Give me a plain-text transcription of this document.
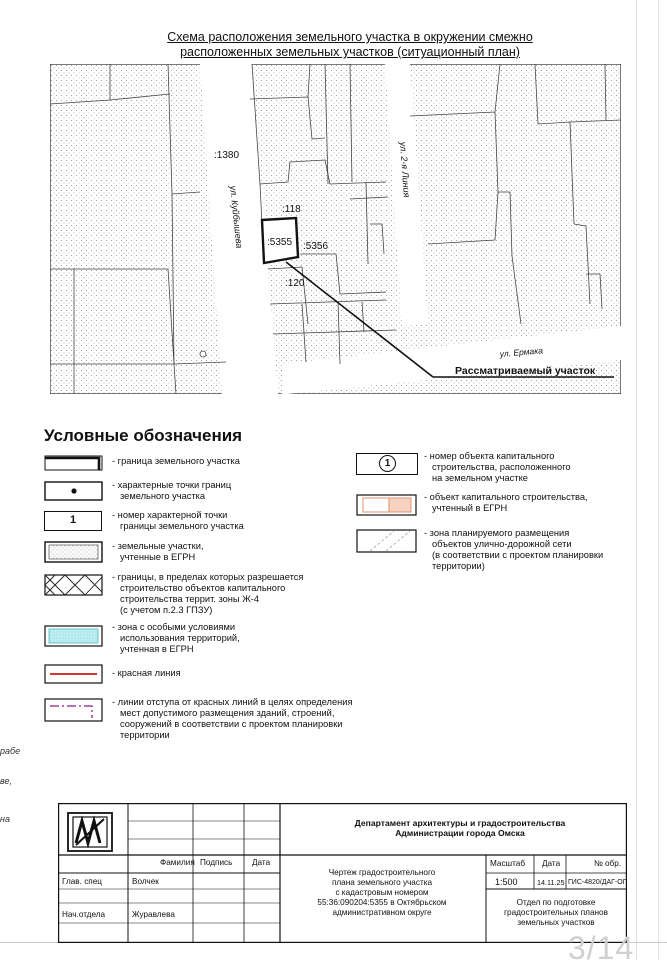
Схема расположения земельного участка в окружении смежно
расположенных земельных участков (ситуационный план)
:1380
:118
:5355 :5356
:120
ул. Куйбышева
ул. 2-я Линия
ул. Ермака
Рассматриваемый участок
Условные обозначения
- граница земельного участка
- характерные точки границ
земельного участка
1	- номер характерной точки
границы земельного участка
- земельные участки,
учтенные в ЕГРН
- границы, в пределах которых разрешается
строительство объектов капитального
строительства террит. зоны Ж-4
(с учетом п.2.3 ГПЗУ)
- зона с особыми условиями
использования территорий,
учтенная в ЕГРН
- красная линия
- линии отступа от красных линий в целях определения
мест допустимого размещения зданий, строений,
сооружений в соответствии с проектом планировки
территории
1
- номер объекта капитального
строительства, расположенного
на земельном участке
- объект капитального строительства,
учтенный в ЕГРН
- зона планируемого размещения
объектов улично-дорожной сети
(в соответствии с проектом планировки
территории)
рабе
ве,
на	Департамент архитектуры и градостроительства
Администрации города Омска
Фамилия Подпись Дата
Глав. спец	Волчек
Нач.отдела	Журавлева
Чертеж градостроительного
плана земельного участка
с кадастровым номером
55:36:090204:5355 в Октябрьском
административном округе
Масштаб Дата	№ обр.
1:500	14.11.25 ГИС-4820/ДАГ-ОГ
Отдел по подготовке
градостроительных планов
земельных участков
3/14
